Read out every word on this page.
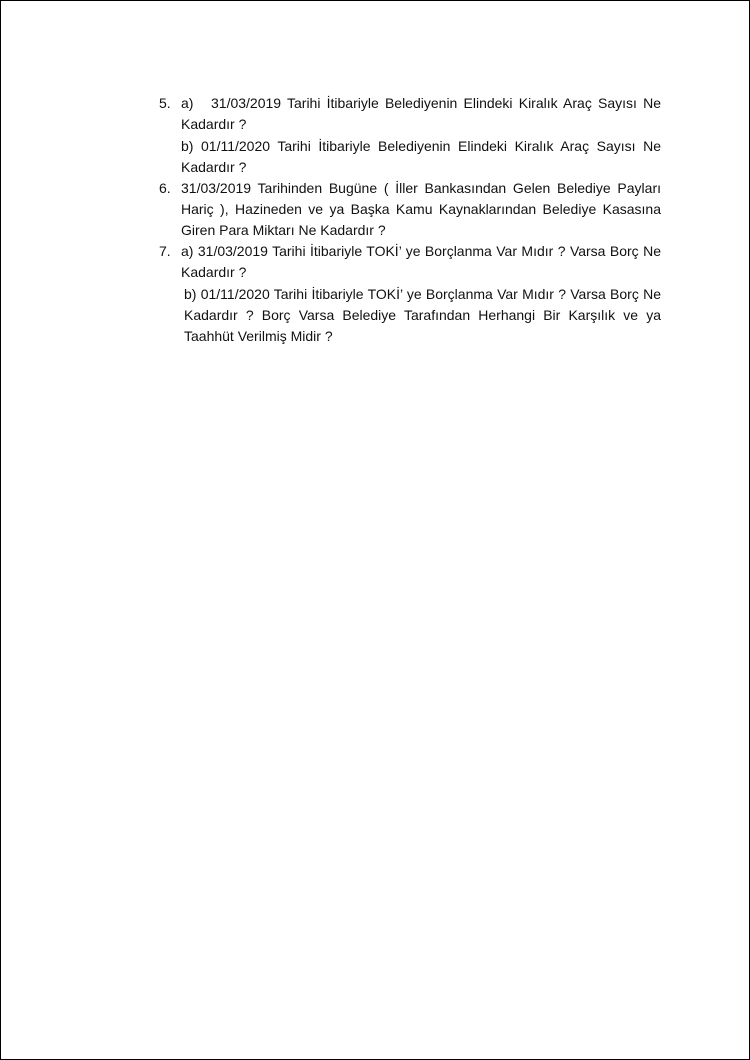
5. a) 31/03/2019 Tarihi İtibariyle Belediyenin Elindeki Kiralık Araç Sayısı Ne Kadardır ?
b) 01/11/2020 Tarihi İtibariyle Belediyenin Elindeki Kiralık Araç Sayısı Ne Kadardır ?
6. 31/03/2019 Tarihinden Bugüne ( İller Bankasından Gelen Belediye Payları Hariç ), Hazineden ve ya Başka Kamu Kaynaklarından Belediye Kasasına Giren Para Miktarı Ne Kadardır ?
7. a) 31/03/2019 Tarihi İtibariyle TOKİ’ ye Borçlanma Var Mıdır ? Varsa Borç Ne Kadardır ?
b) 01/11/2020 Tarihi İtibariyle TOKİ’ ye Borçlanma Var Mıdır ? Varsa Borç Ne Kadardır ? Borç Varsa Belediye Tarafından Herhangi Bir Karşılık ve ya Taahhüt Verilmiş Midir ?
